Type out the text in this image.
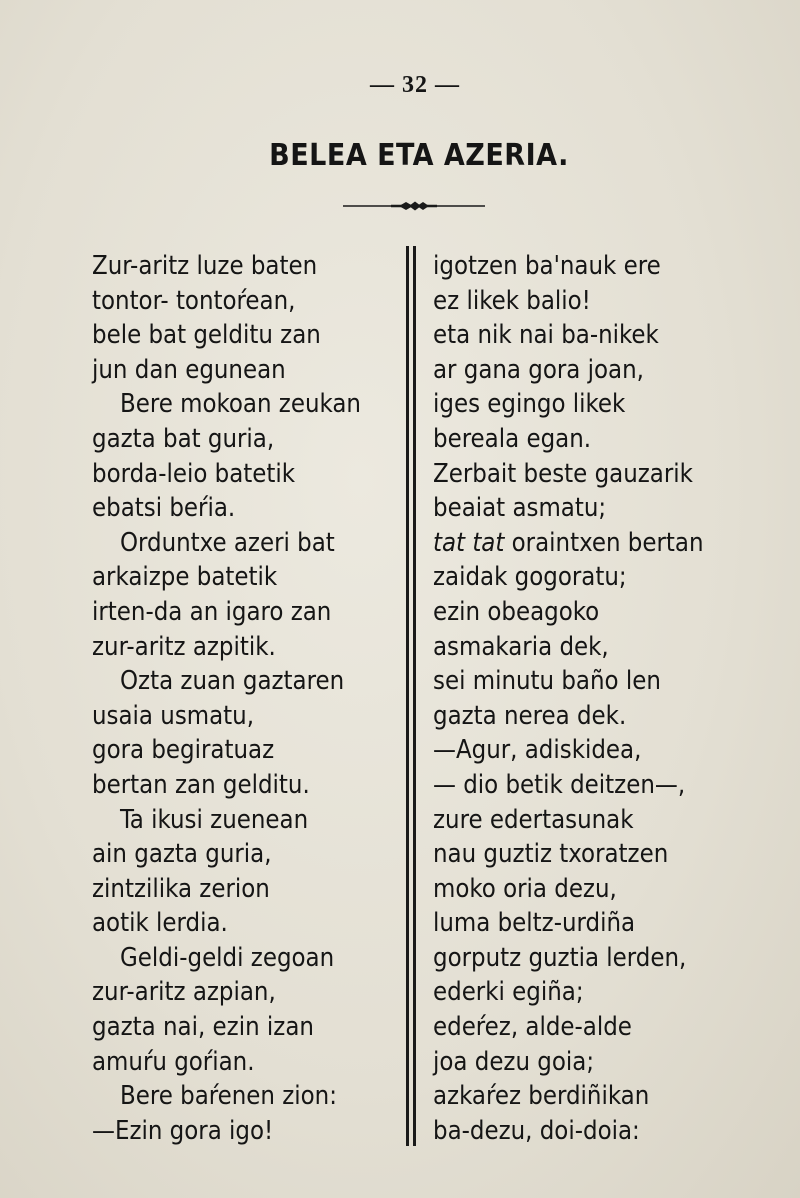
— 32 —
BELEA ETA AZERIA.
Zur-aritz luze baten
tontor- tontoŕean,
bele bat gelditu zan
jun dan egunean
Bere mokoan zeukan
gazta bat guria,
borda-leio batetik
ebatsi beŕia.
Orduntxe azeri bat
arkaizpe batetik
irten-da an igaro zan
zur-aritz azpitik.
Ozta zuan gaztaren
usaia usmatu,
gora begiratuaz
bertan zan gelditu.
Ta ikusi zuenean
ain gazta guria,
zintzilika zerion
aotik lerdia.
Geldi-geldi zegoan
zur-aritz azpian,
gazta nai, ezin izan
amuŕu goŕian.
Bere baŕenen zion:
—Ezin gora igo!
igotzen ba'nauk ere
ez likek balio!
eta nik nai ba-nikek
ar gana gora joan,
iges egingo likek
bereala egan.
Zerbait beste gauzarik
beaiat asmatu;
tat tat oraintxen bertan
zaidak gogoratu;
ezin obeagoko
asmakaria dek,
sei minutu baño len
gazta nerea dek.
—Agur, adiskidea,
— dio betik deitzen—,
zure edertasunak
nau guztiz txoratzen
moko oria dezu,
luma beltz-urdiña
gorputz guztia lerden,
ederki egiña;
edeŕez, alde-alde
joa dezu goia;
azkaŕez berdiñikan
ba-dezu, doi-doia:
